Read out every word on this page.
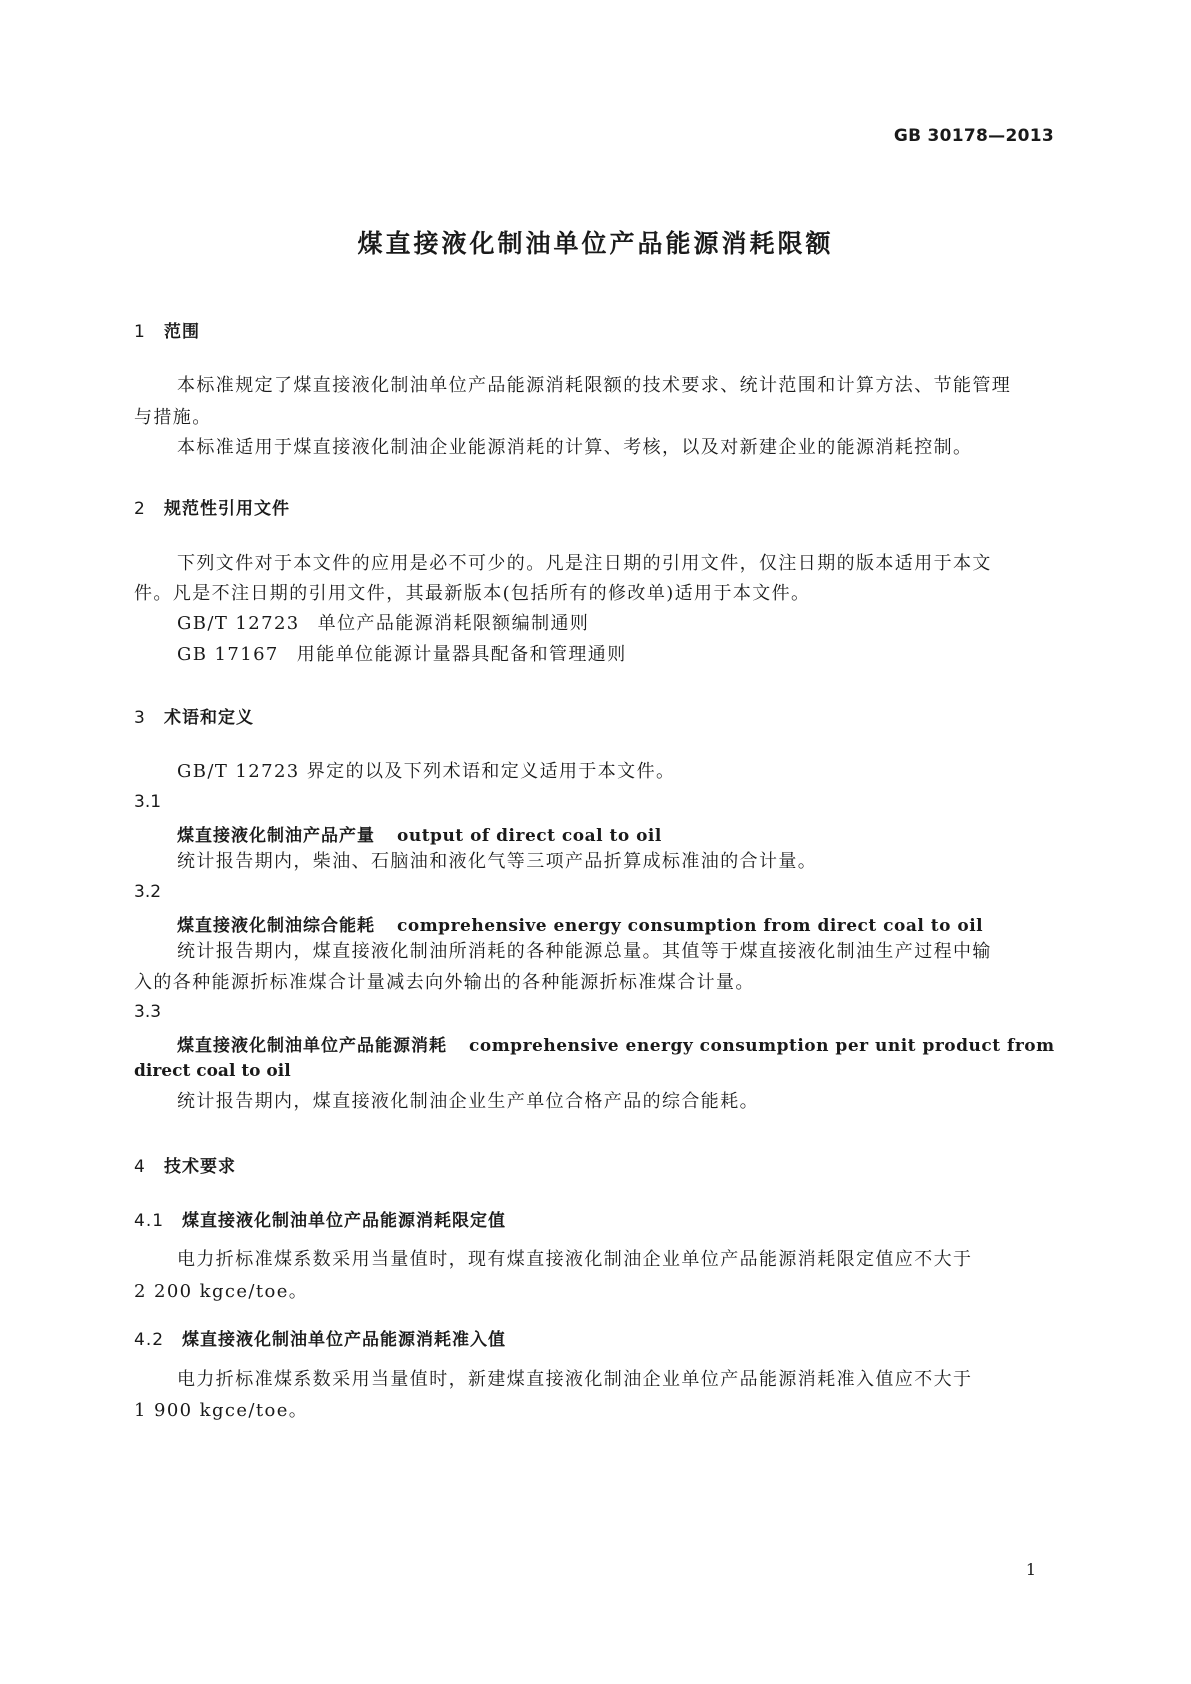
GB 30178—2013
煤直接液化制油单位产品能源消耗限额
1 范围
本标准规定了煤直接液化制油单位产品能源消耗限额的技术要求、统计范围和计算方法、节能管理
与措施。
本标准适用于煤直接液化制油企业能源消耗的计算、考核，以及对新建企业的能源消耗控制。
2 规范性引用文件
下列文件对于本文件的应用是必不可少的。凡是注日期的引用文件，仅注日期的版本适用于本文
件。凡是不注日期的引用文件，其最新版本(包括所有的修改单)适用于本文件。
GB/T 12723 单位产品能源消耗限额编制通则
GB 17167 用能单位能源计量器具配备和管理通则
3 术语和定义
GB/T 12723 界定的以及下列术语和定义适用于本文件。
3.1
煤直接液化制油产品产量 output of direct coal to oil
统计报告期内，柴油、石脑油和液化气等三项产品折算成标准油的合计量。
3.2
煤直接液化制油综合能耗 comprehensive energy consumption from direct coal to oil
统计报告期内，煤直接液化制油所消耗的各种能源总量。其值等于煤直接液化制油生产过程中输
入的各种能源折标准煤合计量减去向外输出的各种能源折标准煤合计量。
3.3
煤直接液化制油单位产品能源消耗 comprehensive energy consumption per unit product from
direct coal to oil
统计报告期内，煤直接液化制油企业生产单位合格产品的综合能耗。
4 技术要求
4.1 煤直接液化制油单位产品能源消耗限定值
电力折标准煤系数采用当量值时，现有煤直接液化制油企业单位产品能源消耗限定值应不大于
2 200 kgce/toe。
4.2 煤直接液化制油单位产品能源消耗准入值
电力折标准煤系数采用当量值时，新建煤直接液化制油企业单位产品能源消耗准入值应不大于
1 900 kgce/toe。
1
